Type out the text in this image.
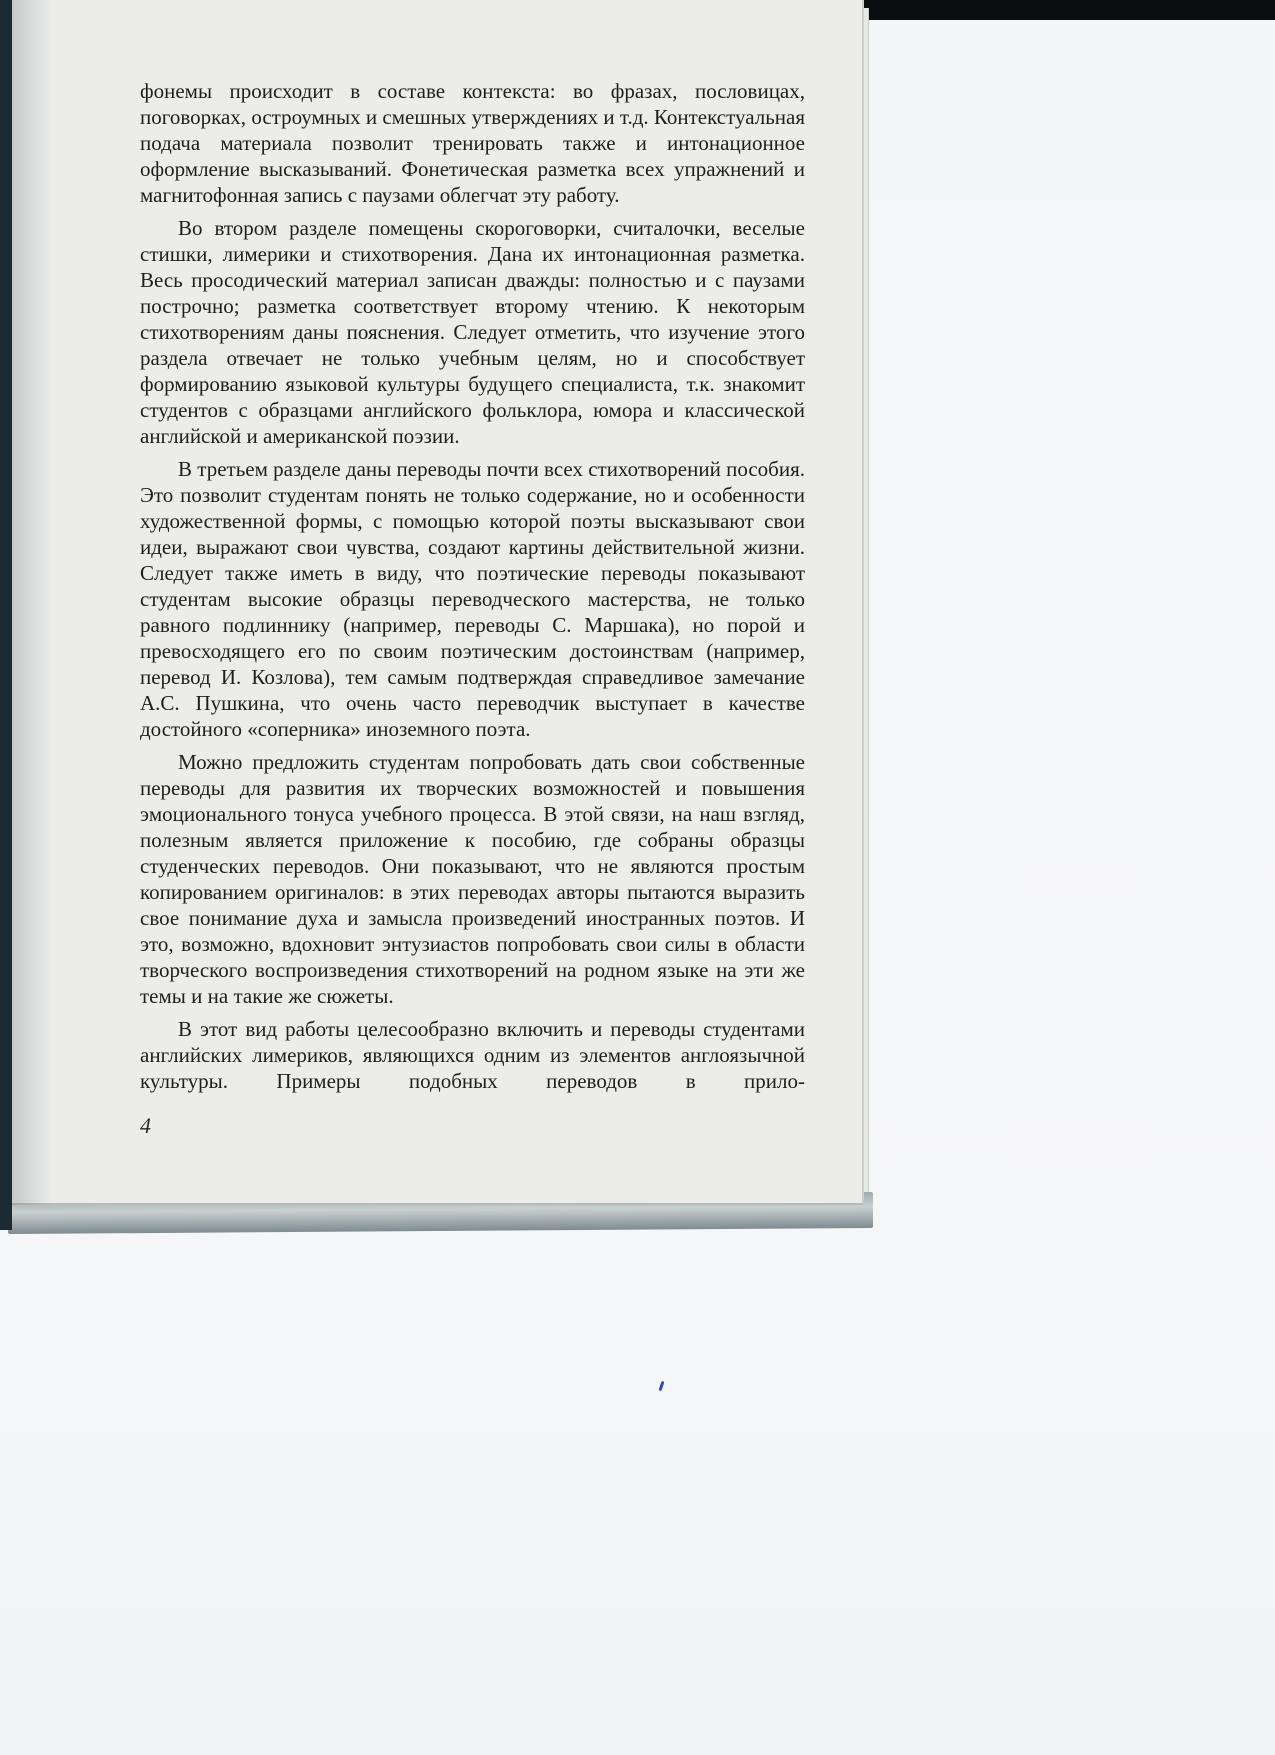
фонемы происходит в составе контекста: во фразах, пословицах, поговорках, остроумных и смешных утверждениях и т.д. Контекстуальная подача материала позволит тренировать также и интонационное оформление высказываний. Фонетическая разметка всех упражнений и магнитофонная запись с паузами облегчат эту работу.

Во втором разделе помещены скороговорки, считалочки, веселые стишки, лимерики и стихотворения. Дана их интонационная разметка. Весь просодический материал записан дважды: полностью и с паузами построчно; разметка соответствует второму чтению. К некоторым стихотворениям даны пояснения. Следует отметить, что изучение этого раздела отвечает не только учебным целям, но и способствует формированию языковой культуры будущего специалиста, т.к. знакомит студентов с образцами английского фольклора, юмора и классической английской и американской поэзии.

В третьем разделе даны переводы почти всех стихотворений пособия. Это позволит студентам понять не только содержание, но и особенности художественной формы, с помощью которой поэты высказывают свои идеи, выражают свои чувства, создают картины действительной жизни. Следует также иметь в виду, что поэтические переводы показывают студентам высокие образцы переводческого мастерства, не только равного подлиннику (например, переводы С. Маршака), но порой и превосходящего его по своим поэтическим достоинствам (например, перевод И. Козлова), тем самым подтверждая справедливое замечание А.С. Пушкина, что очень часто переводчик выступает в качестве достойного «соперника» иноземного поэта.

Можно предложить студентам попробовать дать свои собственные переводы для развития их творческих возможностей и повышения эмоционального тонуса учебного процесса. В этой связи, на наш взгляд, полезным является приложение к пособию, где собраны образцы студенческих переводов. Они показывают, что не являются простым копированием оригиналов: в этих переводах авторы пытаются выразить свое понимание духа и замысла произведений иностранных поэтов. И это, возможно, вдохновит энтузиастов попробовать свои силы в области творческого воспроизведения стихотворений на родном языке на эти же темы и на такие же сюжеты.

В этот вид работы целесообразно включить и переводы студентами английских лимериков, являющихся одним из элементов англоязычной культуры. Примеры подобных переводов в прило-

4
